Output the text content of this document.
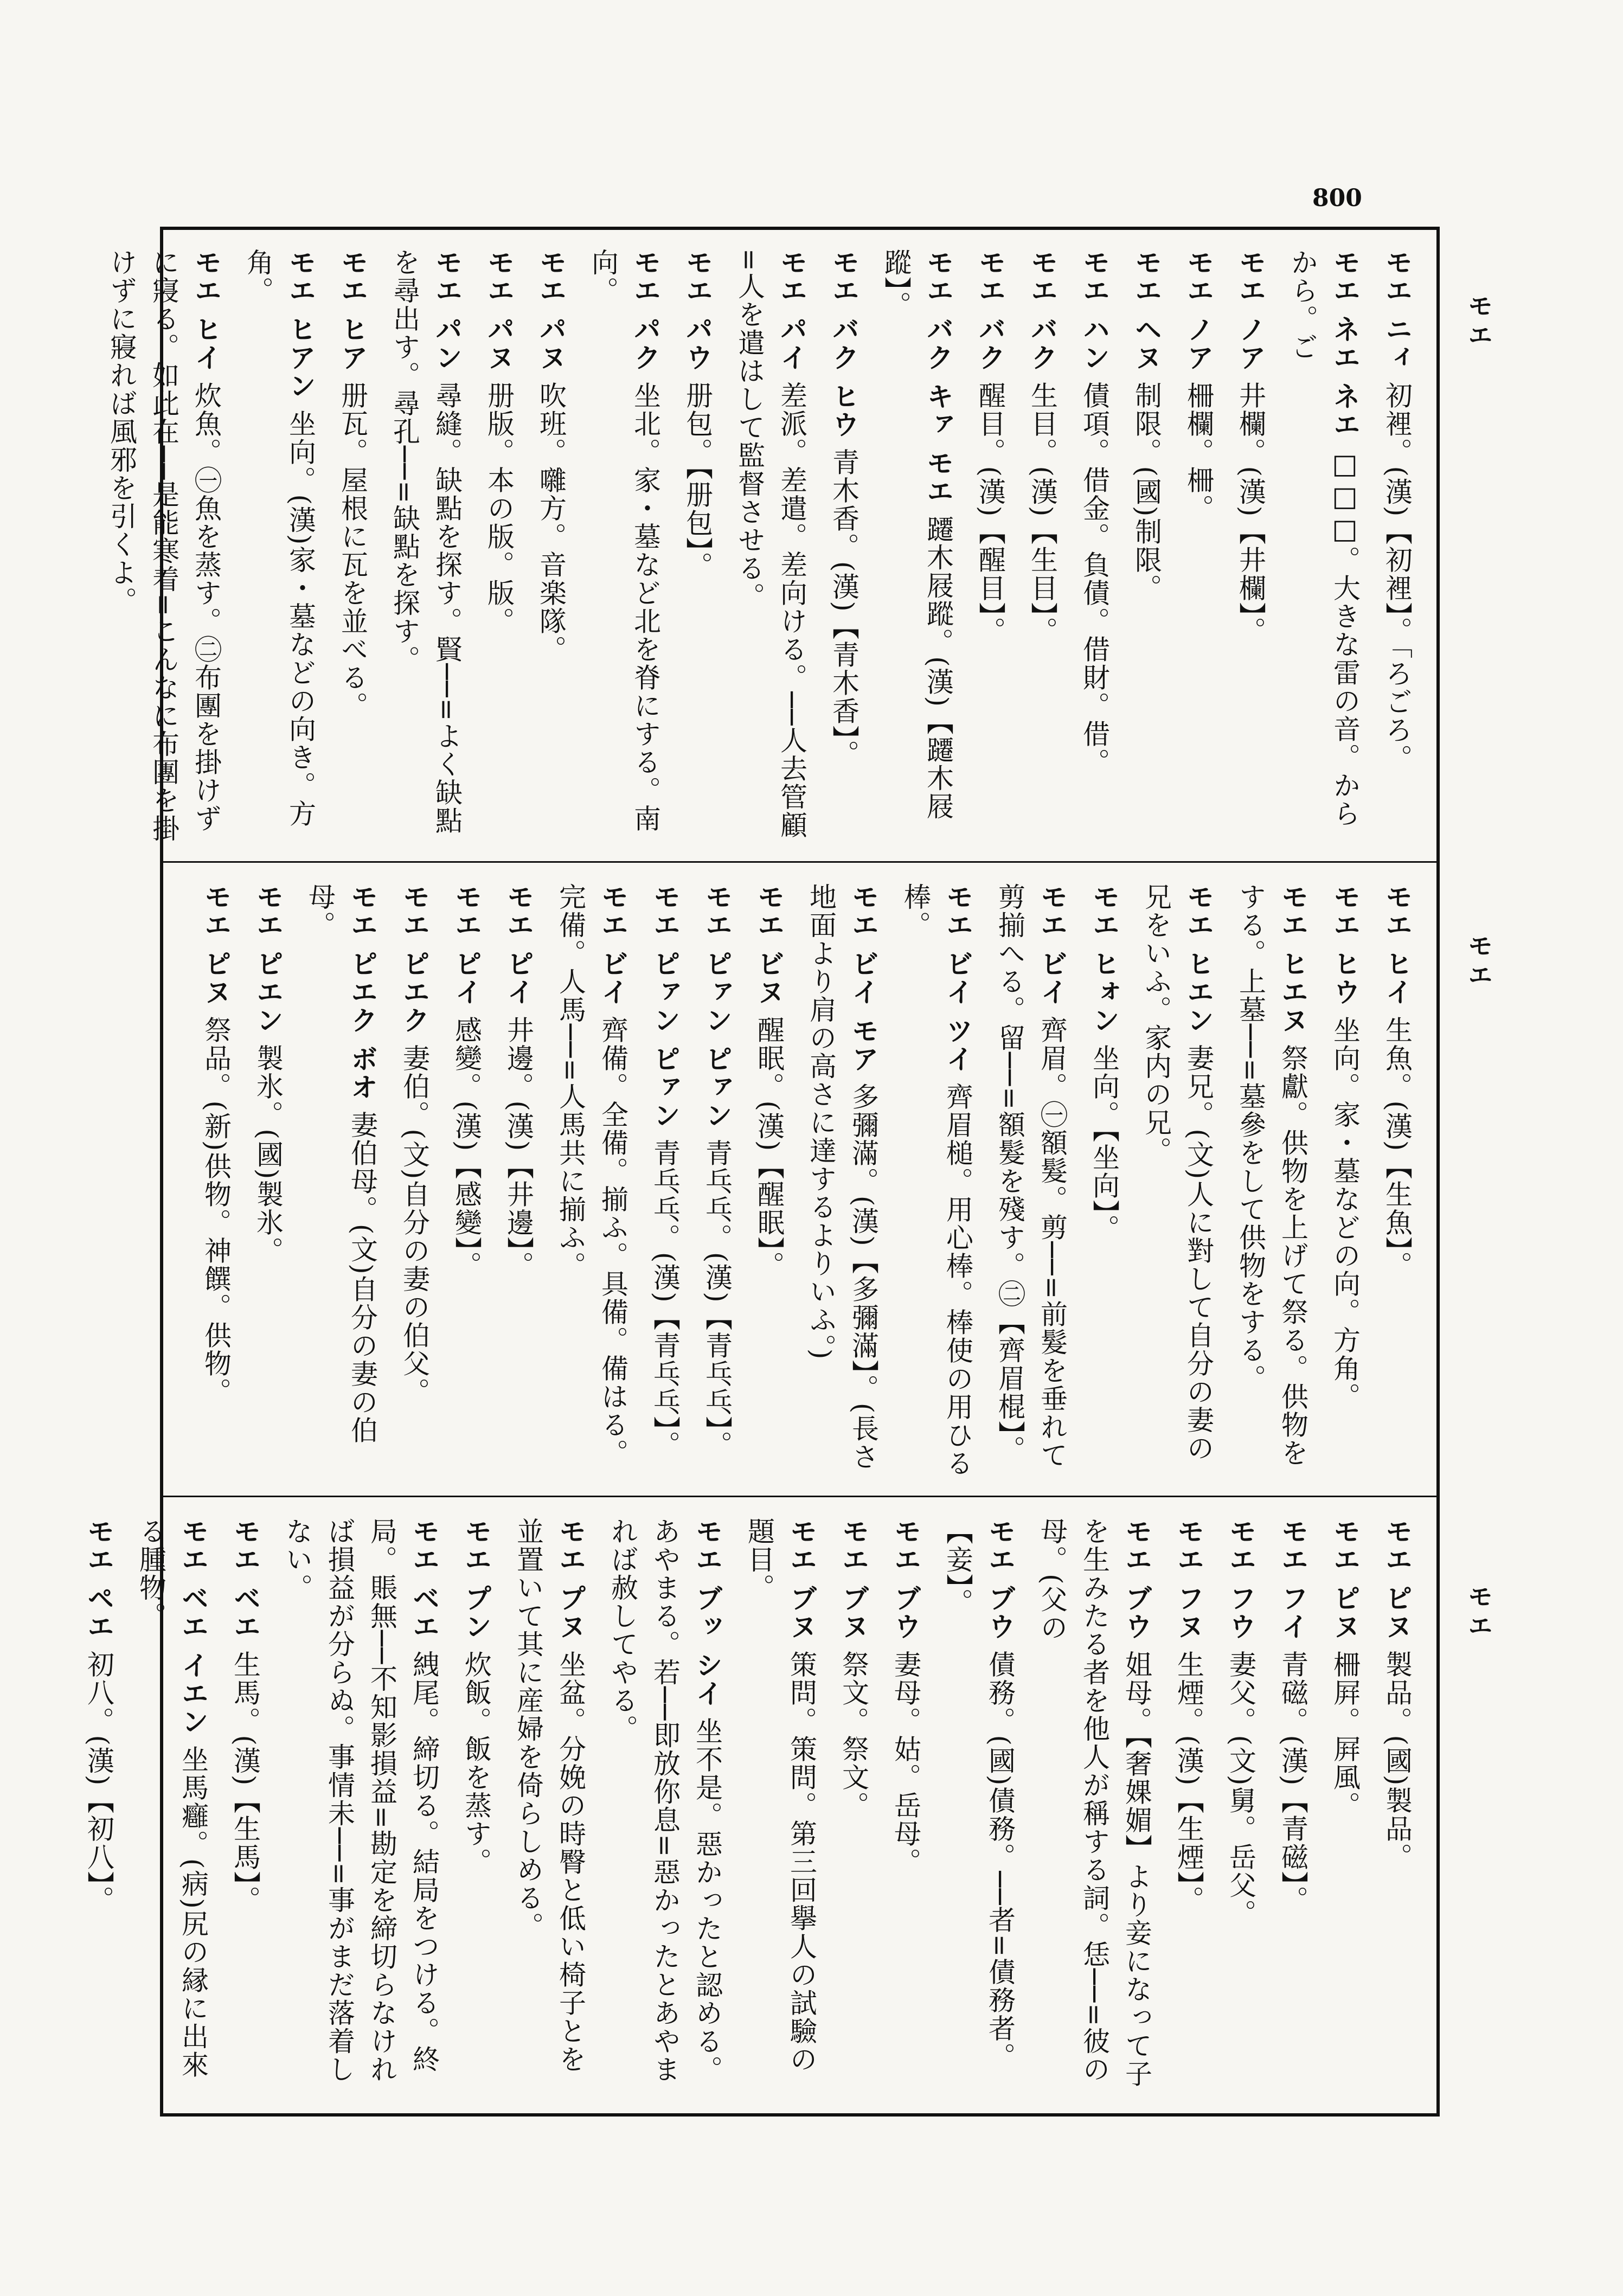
800
モエ
モエ
モエ
モエ ニィ 初裡。(漢)【初裡】。「ろごろ。
モエ ネエ ネエ □□□。大きな雷の音。からから。ご
モエ ノア 井欄。(漢)【井欄】。
モエ ノア 柵欄。柵。
モエ ヘヌ 制限。(國)制限。
モエ ハン 債項。借金。負債。借財。借。
モエ バク 生目。(漢)【生目】。
モエ バク 醒目。(漢)【醒目】。
モエ バク キァ モエ 躚木屐蹤。(漢)【躚木屐蹤】。
モエ バク ヒウ 青木香。(漢)【青木香】。
モエ パイ 差派。差遣。差向ける。──人去管顧=人を遣はして監督させる。
モエ パウ 册包。【册包】。
モエ パク 坐北。家・墓など北を脊にする。南向。
モエ パヌ 吹班。囃方。音楽隊。
モエ パヌ 册版。本の版。版。
モエ パン 尋縫。缺點を探す。賢──=よく缺點を尋出す。尋孔──=缺點を探す。
モエ ヒア 册瓦。屋根に瓦を並べる。
モエ ヒアン 坐向。(漢)家・墓などの向き。方角。
モエ ヒイ 炊魚。㊀魚を蒸す。㊁布團を掛けずに寢る。如此在──是能寒着=こんなに布團を掛けずに寢れば風邪を引くよ。
モエ ヒイ 生魚。(漢)【生魚】。
モエ ヒウ 坐向。家・墓などの向。方角。
モエ ヒエヌ 祭獻。供物を上げて祭る。供物をする。上墓──=墓參をして供物をする。
モエ ヒエン 妻兄。(文)人に對して自分の妻の兄をいふ。家内の兄。
モエ ヒォン 坐向。【坐向】。
モエ ビイ 齊眉。㊀額髮。剪──=前髮を垂れて剪揃へる。留──=額髮を殘す。㊁【齊眉棍】。
モエ ビイ ツイ 齊眉槌。用心棒。棒使の用ひる棒。
モエ ビイ モア 多彌滿。(漢)【多彌滿】。(長さ地面より肩の高さに達するよりいふ。)
モエ ビヌ 醒眠。(漢)【醒眠】。
モエ ピァン ピァン 青乓乓。(漢)【青乓乓】。
モエ ピァン ピァン 青乓乓。(漢)【青乓乓】。
モエ ビイ 齊備。全備。揃ふ。具備。備はる。完備。人馬──=人馬共に揃ふ。
モエ ピイ 井邊。(漢)【井邊】。
モエ ピイ 感變。(漢)【感變】。
モエ ピエク 妻伯。(文)自分の妻の伯父。
モエ ピエク ボオ 妻伯母。(文)自分の妻の伯母。
モエ ピエン 製氷。(國)製氷。
モエ ピヌ 祭品。(新)供物。神饌。供物。
モエ ピヌ 製品。(國)製品。
モエ ピヌ 柵屛。屛風。
モエ フイ 青磁。(漢)【青磁】。
モエ フウ 妻父。(文)舅。岳父。
モエ フヌ 生煙。(漢)【生煙】。
モエ ブウ 姐母。【奢婐媚】より妾になって子を生みたる者を他人が稱する詞。恁──=彼の母。(父の
モエ ブウ 債務。(國)債務。──者=債務者。【妾】。
モエ ブウ 妻母。姑。岳母。
モエ ブヌ 祭文。祭文。
モエ ブヌ 策問。策問。第三回擧人の試驗の題目。
モエ ブッ シイ 坐不是。惡かったと認める。あやまる。若──即放你息=惡かったとあやまれば赦してやる。
モエ プヌ 坐盆。分娩の時臀と低い椅子とを並置いて其に産婦を倚らしめる。
モエ プン 炊飯。飯を蒸す。
モエ ベエ 絏尾。締切る。結局をつける。終局。賬無──不知影損益=勘定を締切らなければ損益が分らぬ。事情未──=事がまだ落着しない。
モエ ベエ 生馬。(漢)【生馬】。
モエ ベエ イエン 坐馬癰。(病)尻の縁に出來る腫物。
モエ ペエ 初八。(漢)【初八】。
